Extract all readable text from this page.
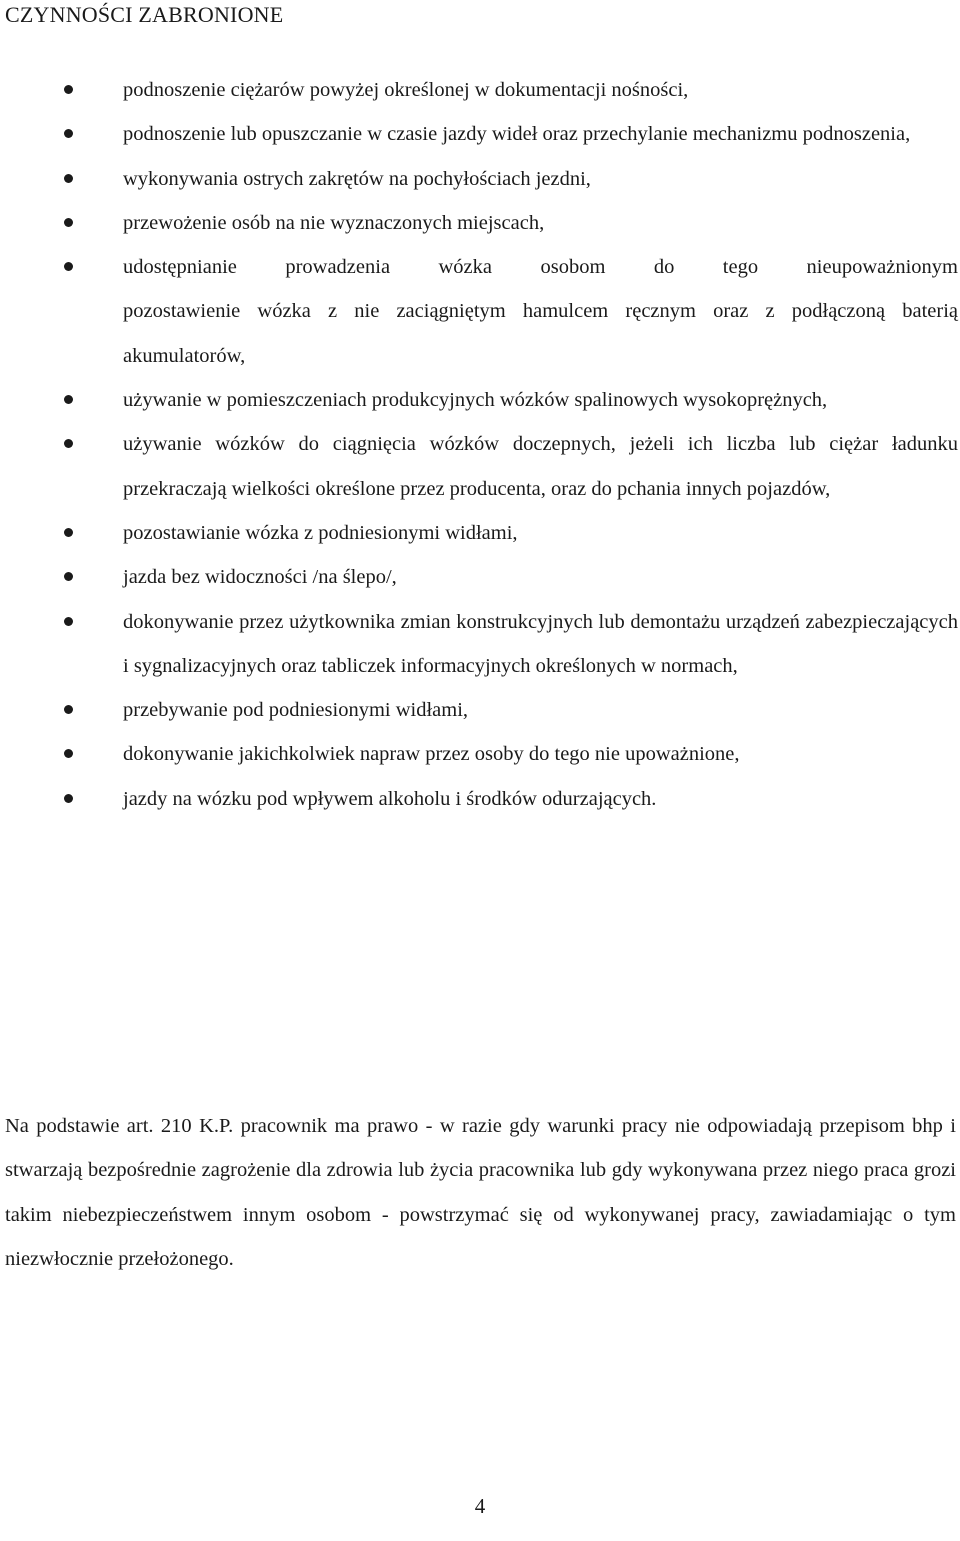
CZYNNOŚCI ZABRONIONE
podnoszenie ciężarów powyżej określonej w dokumentacji nośności,
podnoszenie lub opuszczanie w czasie jazdy wideł oraz przechylanie mechanizmu podnoszenia,
wykonywania ostrych zakrętów na pochyłościach jezdni,
przewożenie osób na nie wyznaczonych miejscach,
udostępnianie prowadzenia wózka osobom do tego nieupoważnionym
pozostawienie wózka z nie zaciągniętym hamulcem ręcznym oraz z podłączoną baterią akumulatorów,
używanie w pomieszczeniach produkcyjnych wózków spalinowych wysokoprężnych,
używanie wózków do ciągnięcia wózków doczepnych, jeżeli ich liczba lub ciężar ładunku przekraczają wielkości określone przez producenta, oraz do pchania innych pojazdów,
pozostawianie wózka z podniesionymi widłami,
jazda bez widoczności /na ślepo/,
dokonywanie przez użytkownika zmian konstrukcyjnych lub demontażu urządzeń zabezpieczających i sygnalizacyjnych oraz tabliczek informacyjnych określonych w normach,
przebywanie pod podniesionymi widłami,
dokonywanie jakichkolwiek napraw przez osoby do tego nie upoważnione,
jazdy na wózku pod wpływem alkoholu i środków odurzających.

Na podstawie art. 210 K.P. pracownik ma prawo - w razie gdy warunki pracy nie odpowiadają przepisom bhp i stwarzają bezpośrednie zagrożenie dla zdrowia lub życia pracownika lub gdy wykonywana przez niego praca grozi takim niebezpieczeństwem innym osobom - powstrzymać się od wykonywanej pracy, zawiadamiając o tym niezwłocznie przełożonego.

4
